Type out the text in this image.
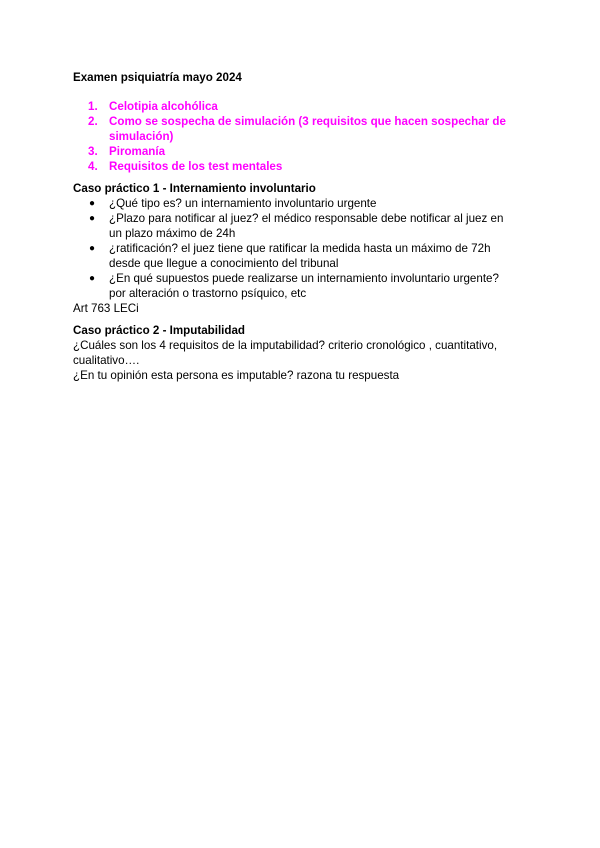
Examen psiquiatría mayo 2024

1. Celotipia alcohólica
2. Como se sospecha de simulación (3 requisitos que hacen sospechar de simulación)
3. Piromanía
4. Requisitos de los test mentales
Caso práctico 1 - Internamiento involuntario
● ¿Qué tipo es? un internamiento involuntario urgente
● ¿Plazo para notificar al juez? el médico responsable debe notificar al juez en un plazo máximo de 24h
● ¿ratificación? el juez tiene que ratificar la medida hasta un máximo de 72h desde que llegue a conocimiento del tribunal
● ¿En qué supuestos puede realizarse un internamiento involuntario urgente? por alteración o trastorno psíquico, etc

Art 763 LECi

Caso práctico 2 - Imputabilidad

¿Cuáles son los 4 requisitos de la imputabilidad? criterio cronológico , cuantitativo, cualitativo….

¿En tu opinión esta persona es imputable? razona tu respuesta
